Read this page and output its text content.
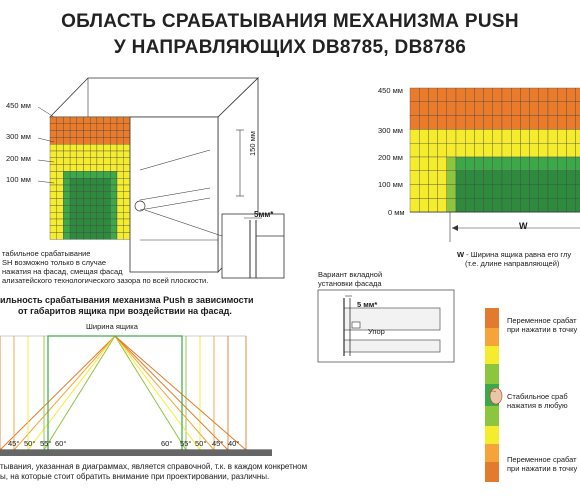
ОБЛАСТЬ СРАБАТЫВАНИЯ МЕХАНИЗМА PUSH
У НАПРАВЛЯЮЩИХ DB8785, DB8786
450 мм
300 мм
200 мм
100 мм
150 мм
5мм*
табильное срабатывание
SH возможно только в случае
нажатия на фасад, смещая фасад
ализатейского технологического зазора по всей плоскости.
450 мм
300 мм
200 мм
100 мм
0 мм
W
W - Ширина ящика равна его глу
(т.е. длине направляющей)
Вариант вкладной
установки фасада
5 мм*
Упор
ильность срабатывания механизма Push в зависимости
от габаритов ящика при воздействии на фасад.
Ширина ящика
45° 50° 55° 60°	60° 55° 50° 45° 40°
тывания, указанная в диаграммах, является справочной, т.к. в каждом конкретном
ы, на которые стоит обратить внимание при проектировании, различны.
Переменное срабат
при нажатии в точку
Стабильное сраб
нажатия в любую
Переменное срабат
при нажатии в точку
